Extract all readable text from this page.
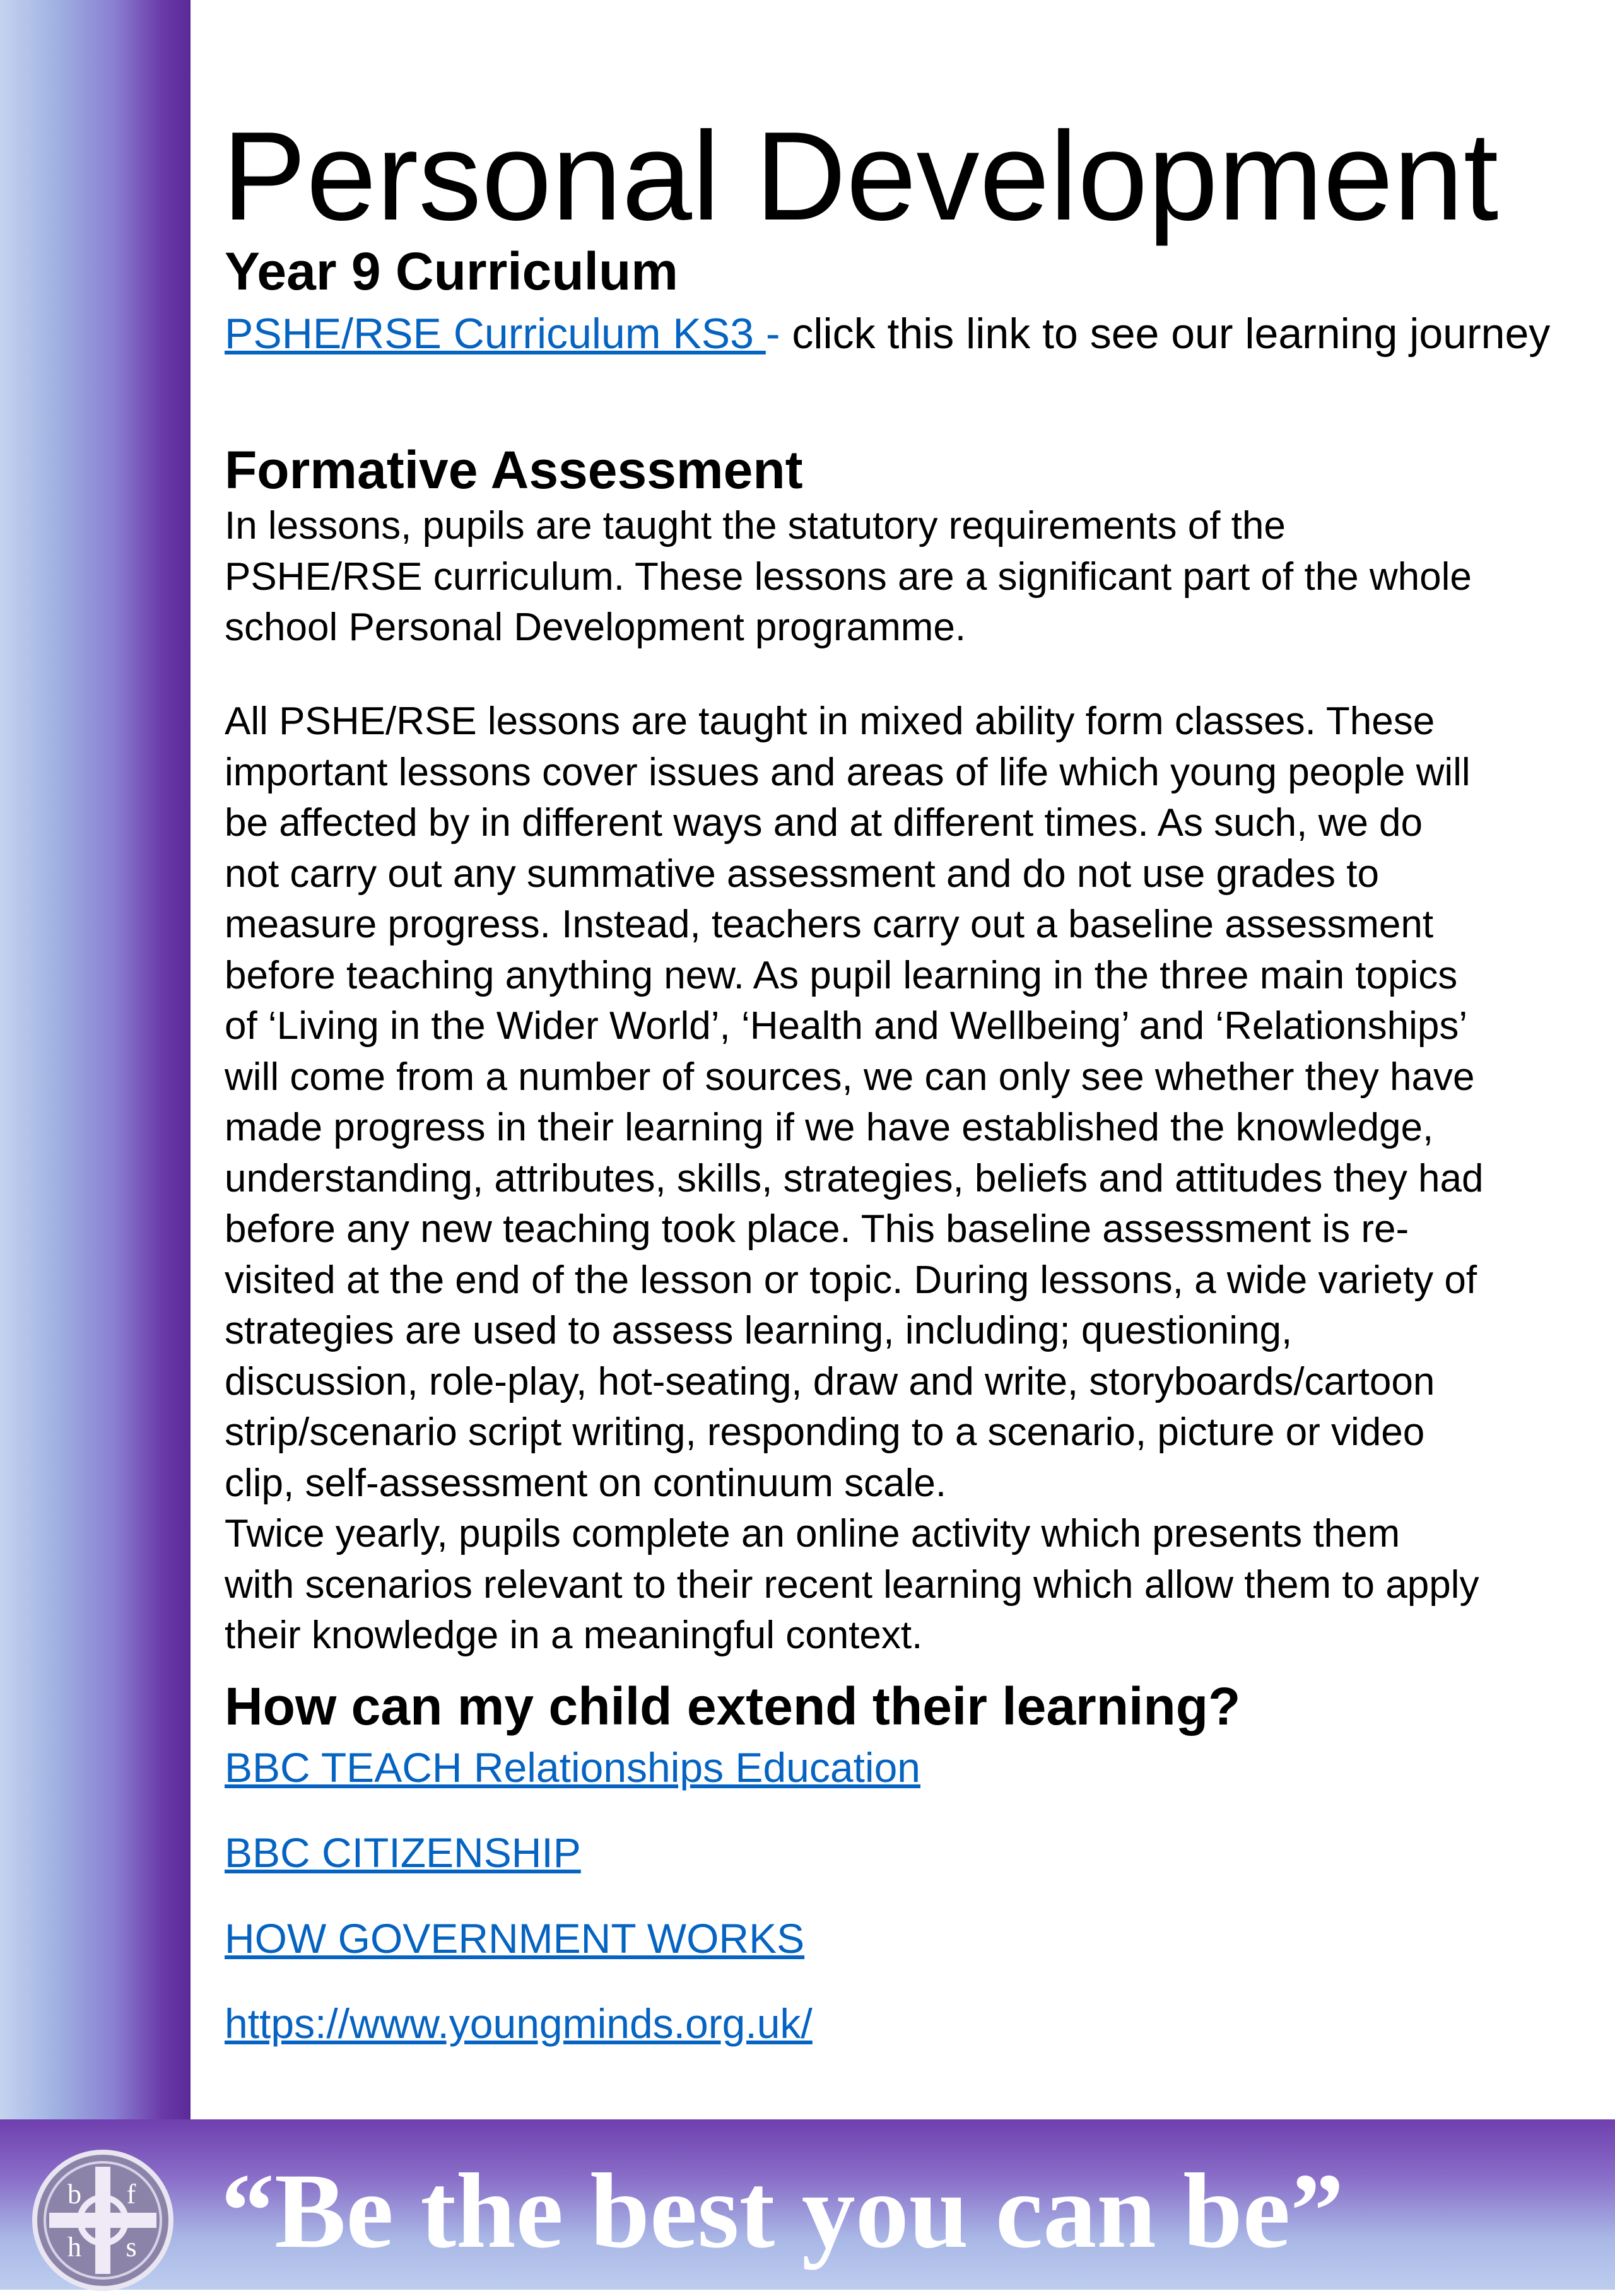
Personal Development
Year 9 Curriculum
PSHE/RSE Curriculum KS3 - click this link to see our learning journey
Formative Assessment
In lessons, pupils are taught the statutory requirements of the
PSHE/RSE curriculum. These lessons are a significant part of the whole
school Personal Development programme.
All PSHE/RSE lessons are taught in mixed ability form classes. These
important lessons cover issues and areas of life which young people will
be affected by in different ways and at different times. As such, we do
not carry out any summative assessment and do not use grades to
measure progress. Instead, teachers carry out a baseline assessment
before teaching anything new. As pupil learning in the three main topics
of ‘Living in the Wider World’, ‘Health and Wellbeing’ and ‘Relationships’
will come from a number of sources, we can only see whether they have
made progress in their learning if we have established the knowledge,
understanding, attributes, skills, strategies, beliefs and attitudes they had
before any new teaching took place. This baseline assessment is re-
visited at the end of the lesson or topic. During lessons, a wide variety of
strategies are used to assess learning, including; questioning,
discussion, role-play, hot-seating, draw and write, storyboards/cartoon
strip/scenario script writing, responding to a scenario, picture or video
clip, self-assessment on continuum scale.
Twice yearly, pupils complete an online activity which presents them
with scenarios relevant to their recent learning which allow them to apply
their knowledge in a meaningful context.
How can my child extend their learning?
BBC TEACH Relationships Education
BBC CITIZENSHIP
HOW GOVERNMENT WORKS
https://www.youngminds.org.uk/
b f
h s “Be the best you can be”
